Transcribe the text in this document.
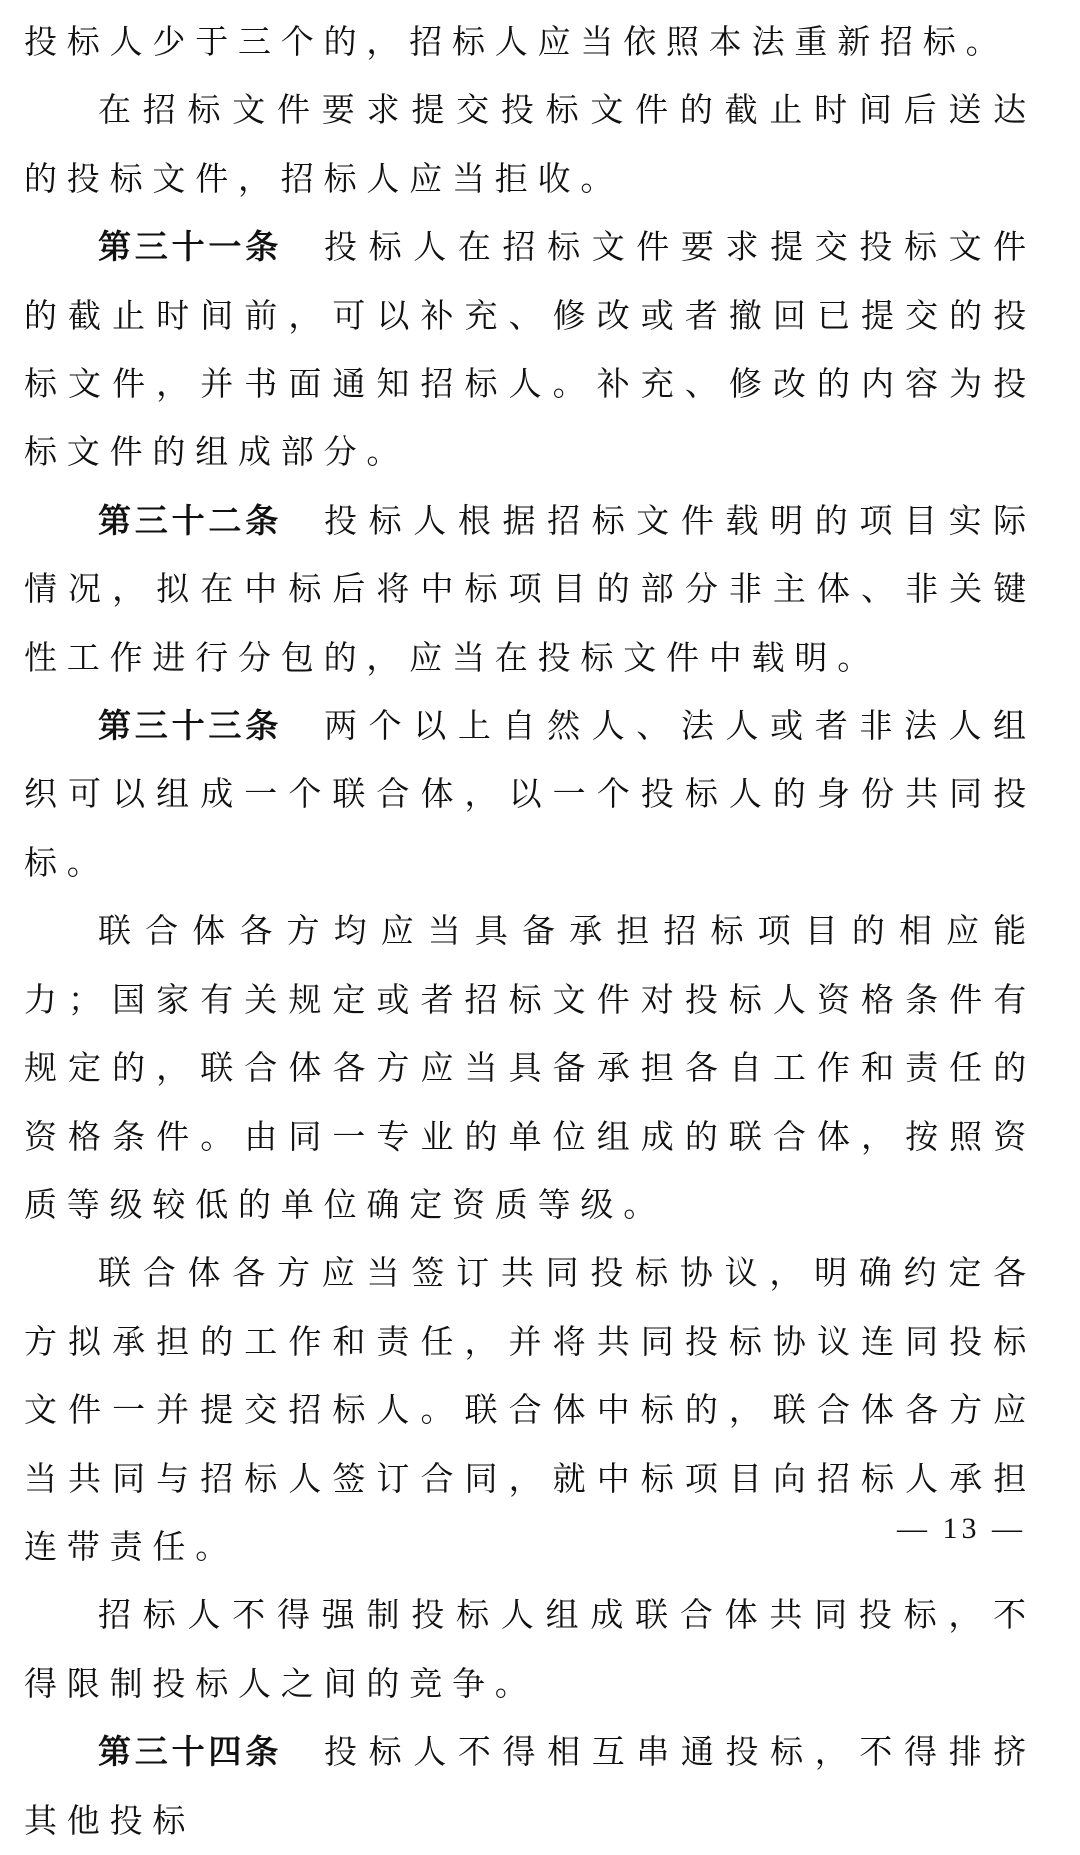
投标人少于三个的，招标人应当依照本法重新招标。

在招标文件要求提交投标文件的截止时间后送达的投标文件，招标人应当拒收。

第三十一条 投标人在招标文件要求提交投标文件的截止时间前，可以补充、修改或者撤回已提交的投标文件，并书面通知招标人。补充、修改的内容为投标文件的组成部分。

第三十二条 投标人根据招标文件载明的项目实际情况，拟在中标后将中标项目的部分非主体、非关键性工作进行分包的，应当在投标文件中载明。

第三十三条 两个以上自然人、法人或者非法人组织可以组成一个联合体，以一个投标人的身份共同投标。

联合体各方均应当具备承担招标项目的相应能力；国家有关规定或者招标文件对投标人资格条件有规定的，联合体各方应当具备承担各自工作和责任的资格条件。由同一专业的单位组成的联合体，按照资质等级较低的单位确定资质等级。

联合体各方应当签订共同投标协议，明确约定各方拟承担的工作和责任，并将共同投标协议连同投标文件一并提交招标人。联合体中标的，联合体各方应当共同与招标人签订合同，就中标项目向招标人承担连带责任。

招标人不得强制投标人组成联合体共同投标，不得限制投标人之间的竞争。

第三十四条 投标人不得相互串通投标，不得排挤其他投标

— 13 —
